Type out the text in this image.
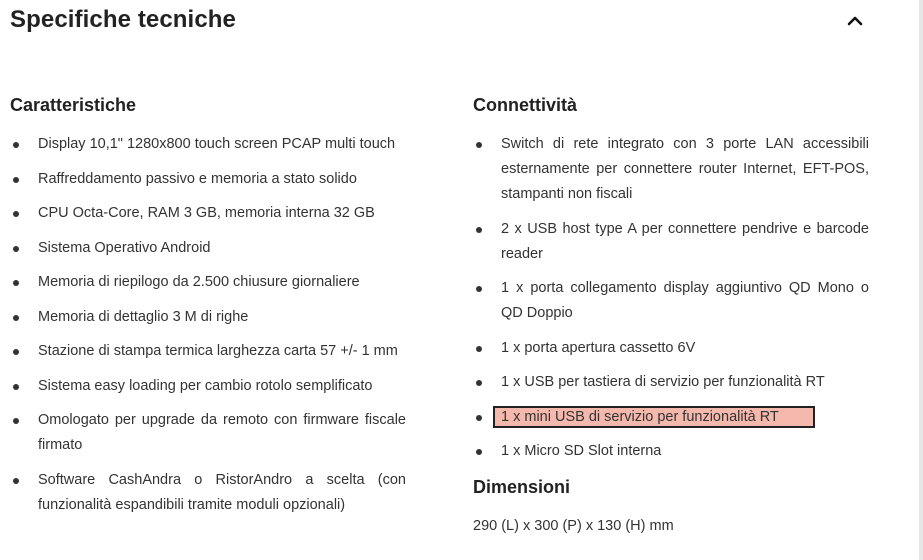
Specifiche tecniche
Caratteristiche
Display 10,1" 1280x800 touch screen PCAP multi touch
Raffreddamento passivo e memoria a stato solido
CPU Octa-Core, RAM 3 GB, memoria interna 32 GB
Sistema Operativo Android
Memoria di riepilogo da 2.500 chiusure giornaliere
Memoria di dettaglio 3 M di righe
Stazione di stampa termica larghezza carta 57 +/- 1 mm
Sistema easy loading per cambio rotolo semplificato
Omologato per upgrade da remoto con firmware fiscale firmato
Software CashAndra o RistorAndro a scelta (con funzionalità espandibili tramite moduli opzionali)
Connettività
Switch di rete integrato con 3 porte LAN accessibili esternamente per connettere router Internet, EFT-POS, stampanti non fiscali
2 x USB host type A per connettere pendrive e barcode reader
1 x porta collegamento display aggiuntivo QD Mono o QD Doppio
1 x porta apertura cassetto 6V
1 x USB per tastiera di servizio per funzionalità RT
1 x mini USB di servizio per funzionalità RT
1 x Micro SD Slot interna
Dimensioni
290 (L) x 300 (P) x 130 (H) mm
